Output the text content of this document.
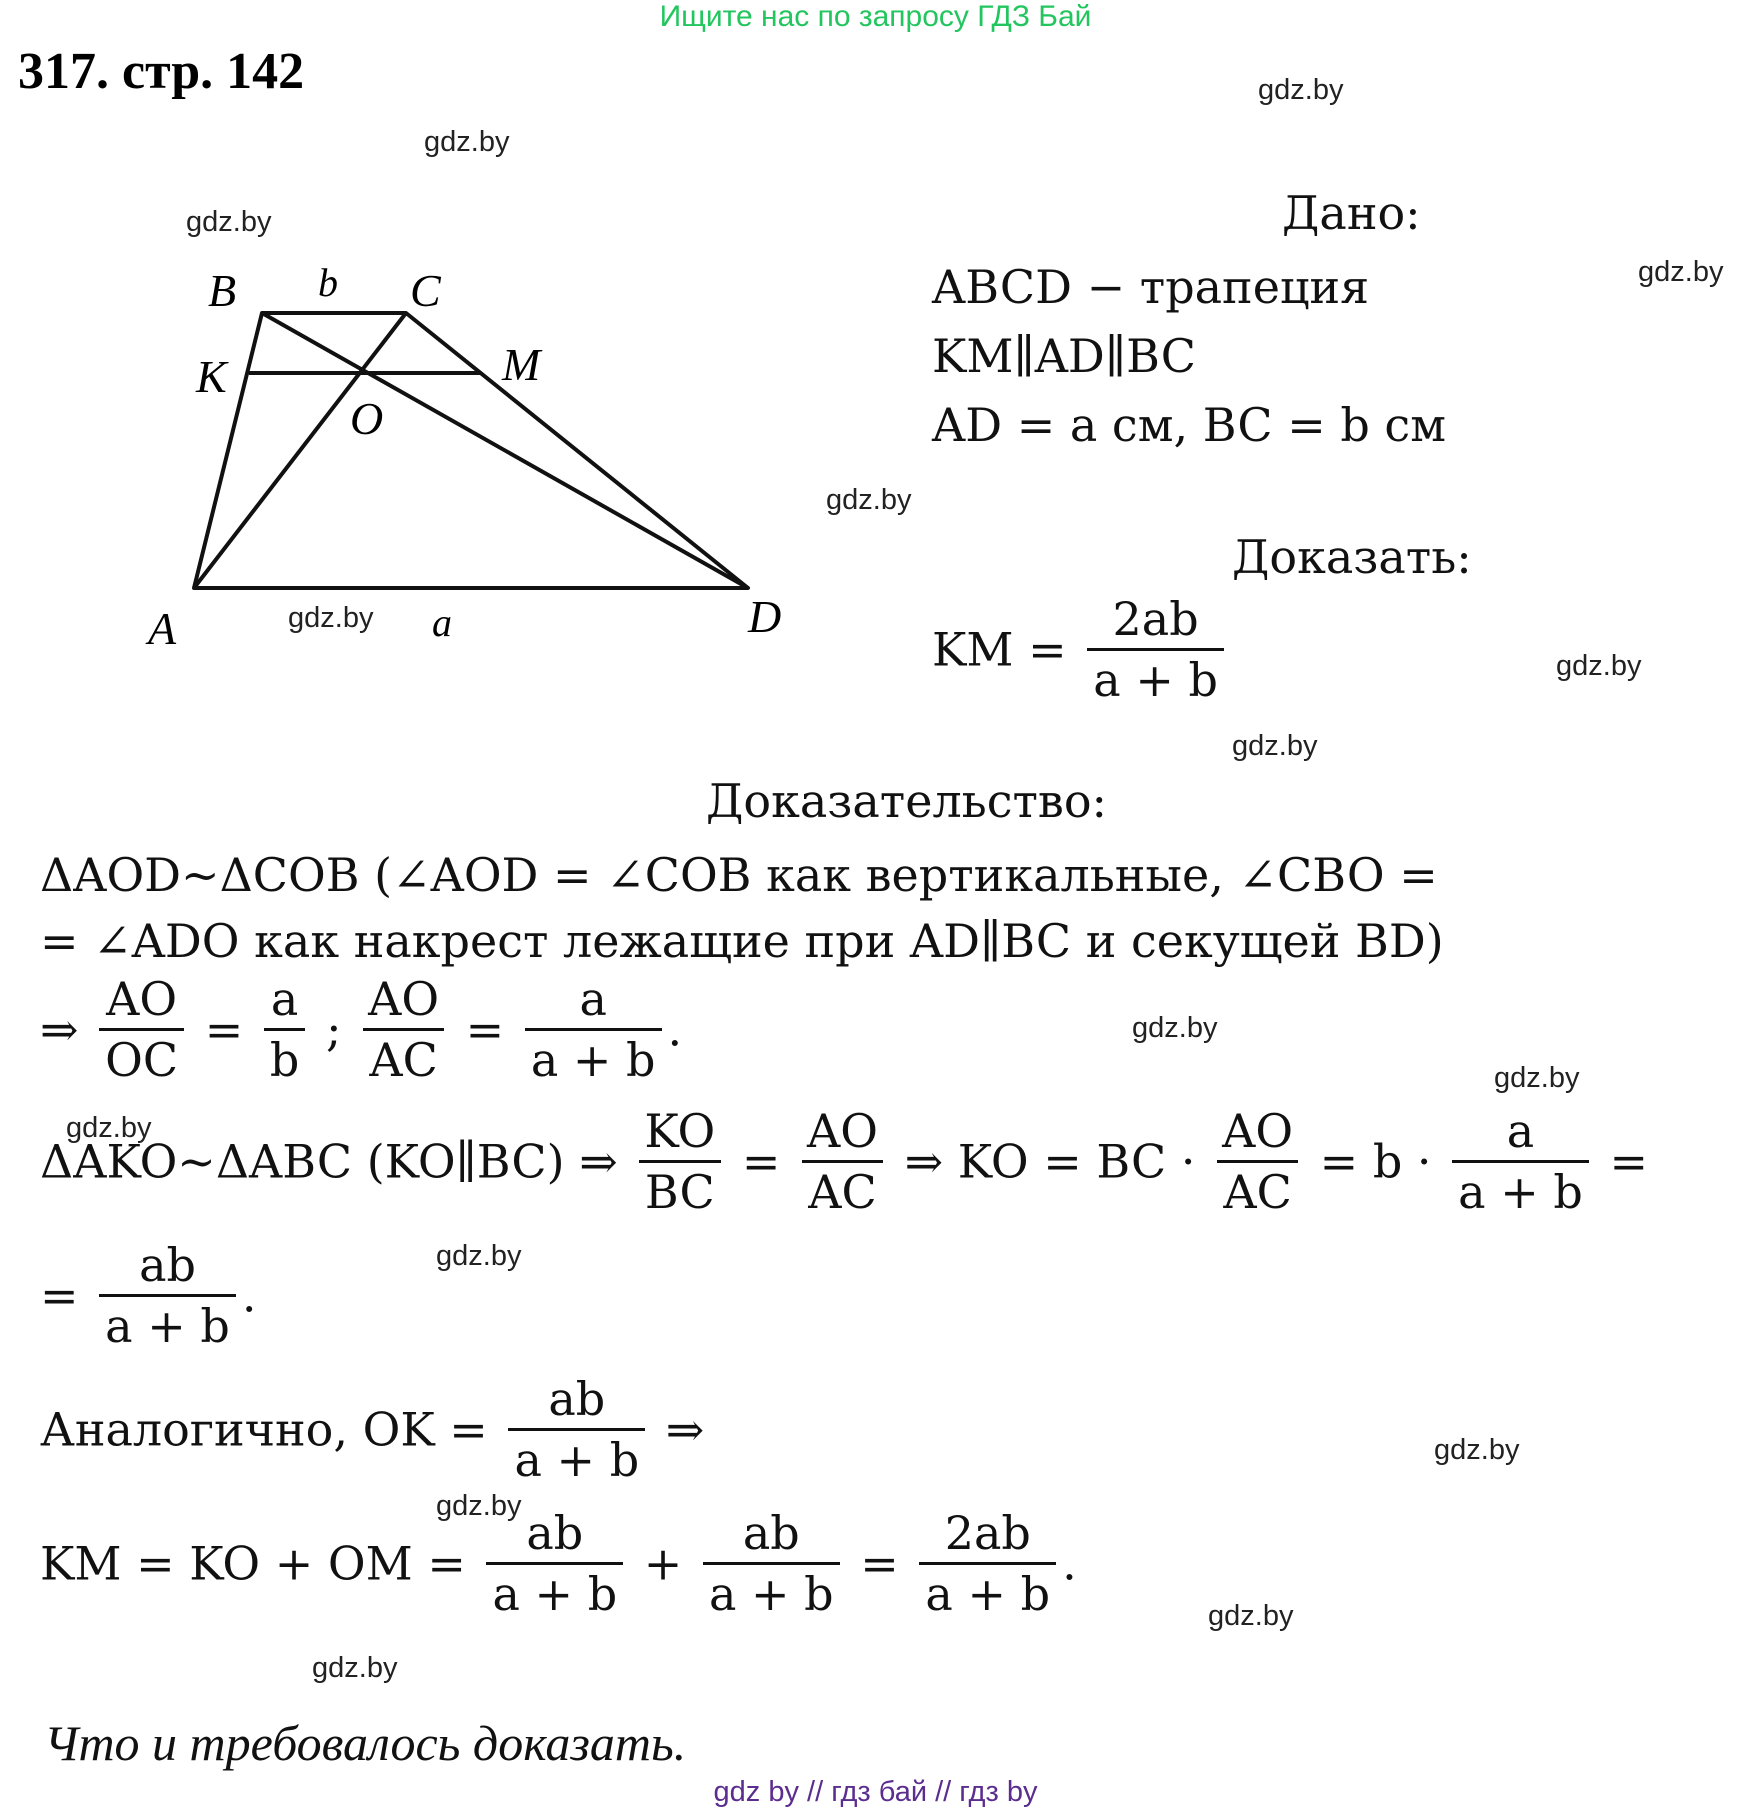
Ищите нас по запросу ГДЗ Бай
317. стр. 142	gdz.by
gdz.by
gdz.by
gdz.by
gdz.by
gdz.by
gdz.by
gdz.by
gdz.by
gdz.by
gdz.by
gdz.by
gdz.by
gdz.by
gdz.by
gdz.by
B b C
K	M
O
A	a	D
Дано:
ABCD − трапеция
KM∥AD∥BC
AD = a см, BC = b см
Доказать:
KM = $\frac{2ab}{a + b}$
Доказательство:
ΔAOD~ΔCOB (∠AOD = ∠COB как вертикальные, ∠CBO =
= ∠ADO как накрест лежащие при AD∥BC и секущей BD)
⇒ $\frac{AO}{OC} = \frac{a}{b}$ ; $\frac{AO}{AC} = \frac{a}{a + b}$ .
ΔAKO~ΔABC (KO∥BC) ⇒ $\frac{KO}{BC} = \frac{AO}{AC}$ ⇒ KO = BC · $\frac{AO}{AC} = b \cdot \frac{a}{a + b}$ =
= $\frac{ab}{a + b}$ .
Аналогично, OK = $\frac{ab}{a + b}$ ⇒
KM = KO + OM = $\frac{ab}{a + b} + \frac{ab}{a + b} = \frac{2ab}{a + b}$ .
Что и требовалось доказать.
gdz by // гдз бай // гдз by
